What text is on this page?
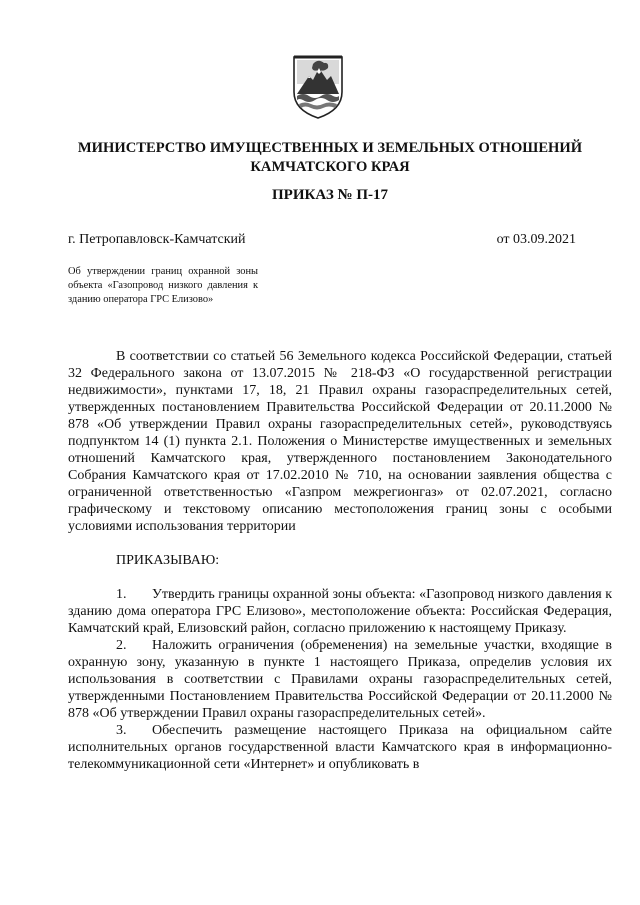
МИНИСТЕРСТВО ИМУЩЕСТВЕННЫХ И ЗЕМЕЛЬНЫХ ОТНОШЕНИЙ
КАМЧАТСКОГО КРАЯ
ПРИКАЗ № П-17
г. Петропавловск-Камчатский	от 03.09.2021
Об утверждении границ охранной зоны объекта «Газопровод низкого давления к зданию оператора ГРС Елизово»

В соответствии со статьей 56 Земельного кодекса Российской Федерации, статьей 32 Федерального закона от 13.07.2015 № 218-ФЗ «О государственной регистрации недвижимости», пунктами 17, 18, 21 Правил охраны газораспределительных сетей, утвержденных постановлением Правительства Российской Федерации от 20.11.2000 № 878 «Об утверждении Правил охраны газораспределительных сетей», руководствуясь подпунктом 14 (1) пункта 2.1. Положения о Министерстве имущественных и земельных отношений Камчатского края, утвержденного постановлением Законодательного Собрания Камчатского края от 17.02.2010 № 710, на основании заявления общества с ограниченной ответственностью «Газпром межрегионгаз» от 02.07.2021, согласно графическому и текстовому описанию местоположения границ зоны с особыми условиями использования территории

ПРИКАЗЫВАЮ:

1. Утвердить границы охранной зоны объекта: «Газопровод низкого давления к зданию дома оператора ГРС Елизово», местоположение объекта: Российская Федерация, Камчатский край, Елизовский район, согласно приложению к настоящему Приказу.

2. Наложить ограничения (обременения) на земельные участки, входящие в охранную зону, указанную в пункте 1 настоящего Приказа, определив условия их использования в соответствии с Правилами охраны газораспределительных сетей, утвержденными Постановлением Правительства Российской Федерации от 20.11.2000 № 878 «Об утверждении Правил охраны газораспределительных сетей».

3. Обеспечить размещение настоящего Приказа на официальном сайте исполнительных органов государственной власти Камчатского края в информационно-телекоммуникационной сети «Интернет» и опубликовать в
